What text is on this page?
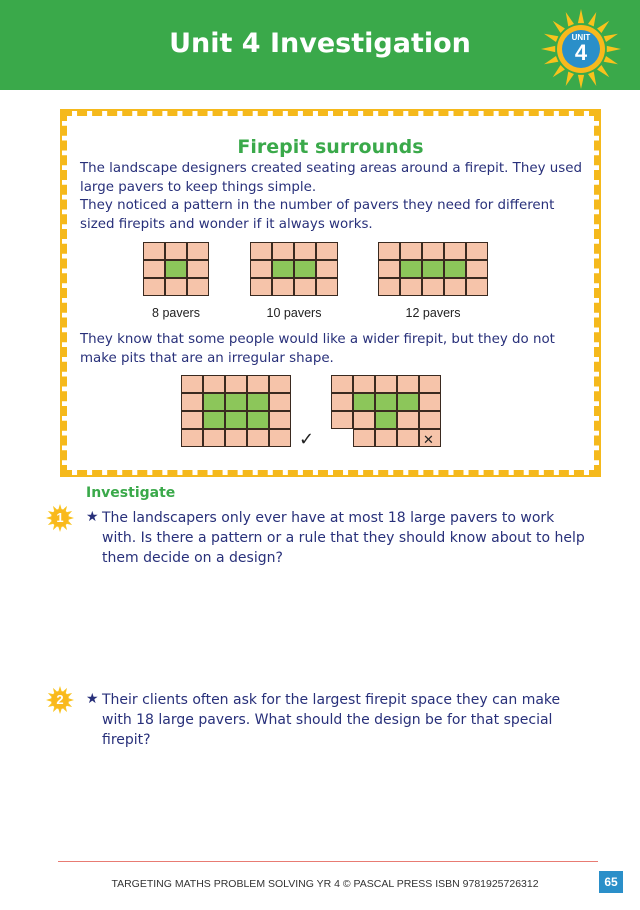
Unit 4 Investigation	UNIT
4
Firepit surrounds
The landscape designers created seating areas around a firepit. They used large pavers to keep things simple.
They noticed a pattern in the number of pavers they need for different sized firepits and wonder if it always works.
8 pavers	10 pavers	12 pavers
They know that some people would like a wider firepit, but they do not make pits that are an irregular shape.
✓	✕
Investigate
1	★ The landscapers only ever have at most 18 large pavers to work with. Is there a pattern or a rule that they should know about to help them decide on a design?
2	★ Their clients often ask for the largest firepit space they can make with 18 large pavers. What should the design be for that special firepit?
TARGETING MATHS PROBLEM SOLVING YR 4 © PASCAL PRESS ISBN 9781925726312	65
